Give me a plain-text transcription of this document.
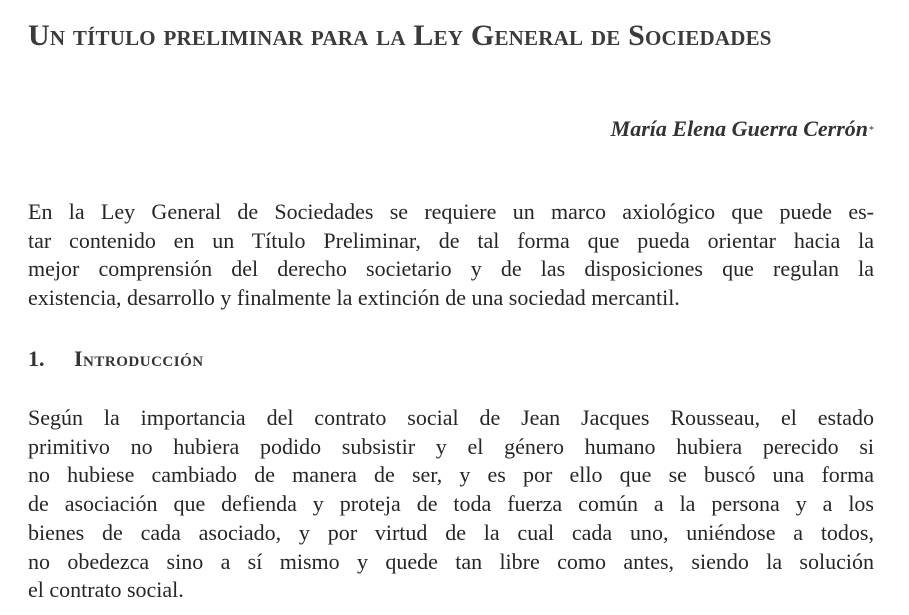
Un título preliminar para la Ley General de Sociedades

María Elena Guerra Cerrón*

En la Ley General de Sociedades se requiere un marco axiológico que puede es-
tar contenido en un Título Preliminar, de tal forma que pueda orientar hacia la
mejor comprensión del derecho societario y de las disposiciones que regulan la
existencia, desarrollo y finalmente la extinción de una sociedad mercantil.
1. Introducción
Según la importancia del contrato social de Jean Jacques Rousseau, el estado
primitivo no hubiera podido subsistir y el género humano hubiera perecido si
no hubiese cambiado de manera de ser, y es por ello que se buscó una forma
de asociación que defienda y proteja de toda fuerza común a la persona y a los
bienes de cada asociado, y por virtud de la cual cada uno, uniéndose a todos,
no obedezca sino a sí mismo y quede tan libre como antes, siendo la solución
el contrato social.
